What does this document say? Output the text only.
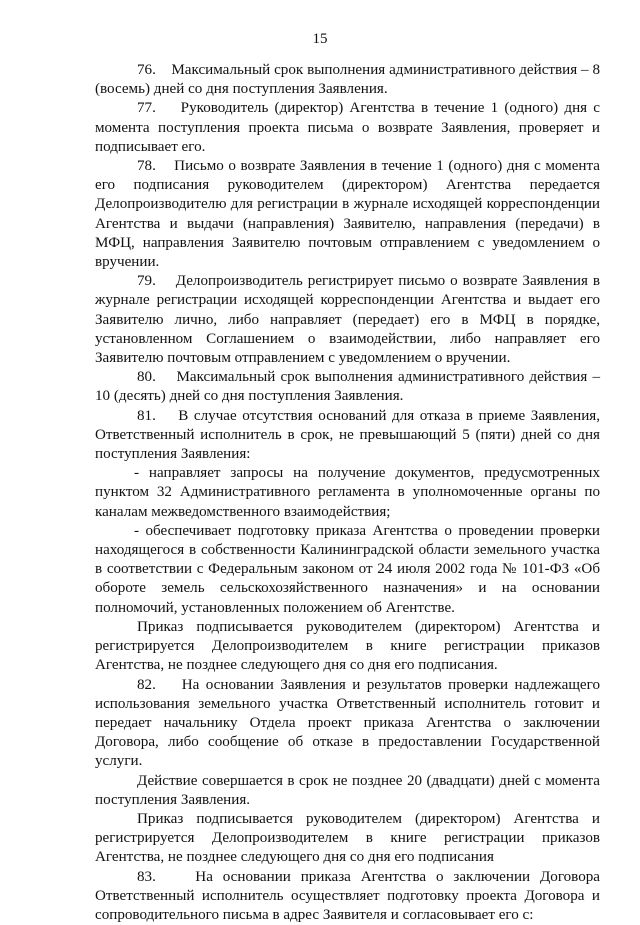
15

76.    Максимальный срок выполнения административного действия – 8 (восемь) дней со дня поступления Заявления.

77.    Руководитель (директор) Агентства в течение 1 (одного) дня с момента поступления проекта письма о возврате Заявления, проверяет и подписывает его.

78.    Письмо о возврате Заявления в течение 1 (одного) дня с момента его подписания руководителем (директором) Агентства передается Делопроизводителю для регистрации в журнале исходящей корреспонденции Агентства и выдачи (направления) Заявителю, направления (передачи) в МФЦ, направления Заявителю почтовым отправлением с уведомлением о вручении.

79.    Делопроизводитель регистрирует письмо о возврате Заявления в журнале регистрации исходящей корреспонденции Агентства и выдает его Заявителю лично, либо направляет (передает) его в МФЦ в порядке, установленном Соглашением о взаимодействии, либо направляет его Заявителю почтовым отправлением с уведомлением о вручении.

80.    Максимальный срок выполнения административного действия – 10 (десять) дней со дня поступления Заявления.

81.    В случае отсутствия оснований для отказа в приеме Заявления, Ответственный исполнитель в срок, не превышающий 5 (пяти) дней со дня поступления Заявления:

- направляет запросы на получение документов, предусмотренных пунктом 32 Административного регламента в уполномоченные органы по каналам межведомственного взаимодействия;

- обеспечивает подготовку приказа Агентства о проведении проверки находящегося в собственности Калининградской области земельного участка в соответствии с Федеральным законом от 24 июля 2002 года № 101-ФЗ «Об обороте земель сельскохозяйственного назначения» и на основании полномочий, установленных положением об Агентстве.

Приказ подписывается руководителем (директором) Агентства и регистрируется Делопроизводителем в книге регистрации приказов Агентства, не позднее следующего дня со дня его подписания.

82.    На основании Заявления и результатов проверки надлежащего использования земельного участка Ответственный исполнитель готовит и передает начальнику Отдела проект приказа Агентства о заключении Договора, либо сообщение об отказе в предоставлении Государственной услуги.

Действие совершается в срок не позднее 20 (двадцати) дней с момента поступления Заявления.

Приказ подписывается руководителем (директором) Агентства и регистрируется Делопроизводителем в книге регистрации приказов Агентства, не позднее следующего дня со дня его подписания

83.    На основании приказа Агентства о заключении Договора Ответственный исполнитель осуществляет подготовку проекта Договора и сопроводительного письма в адрес Заявителя и согласовывает его с:
